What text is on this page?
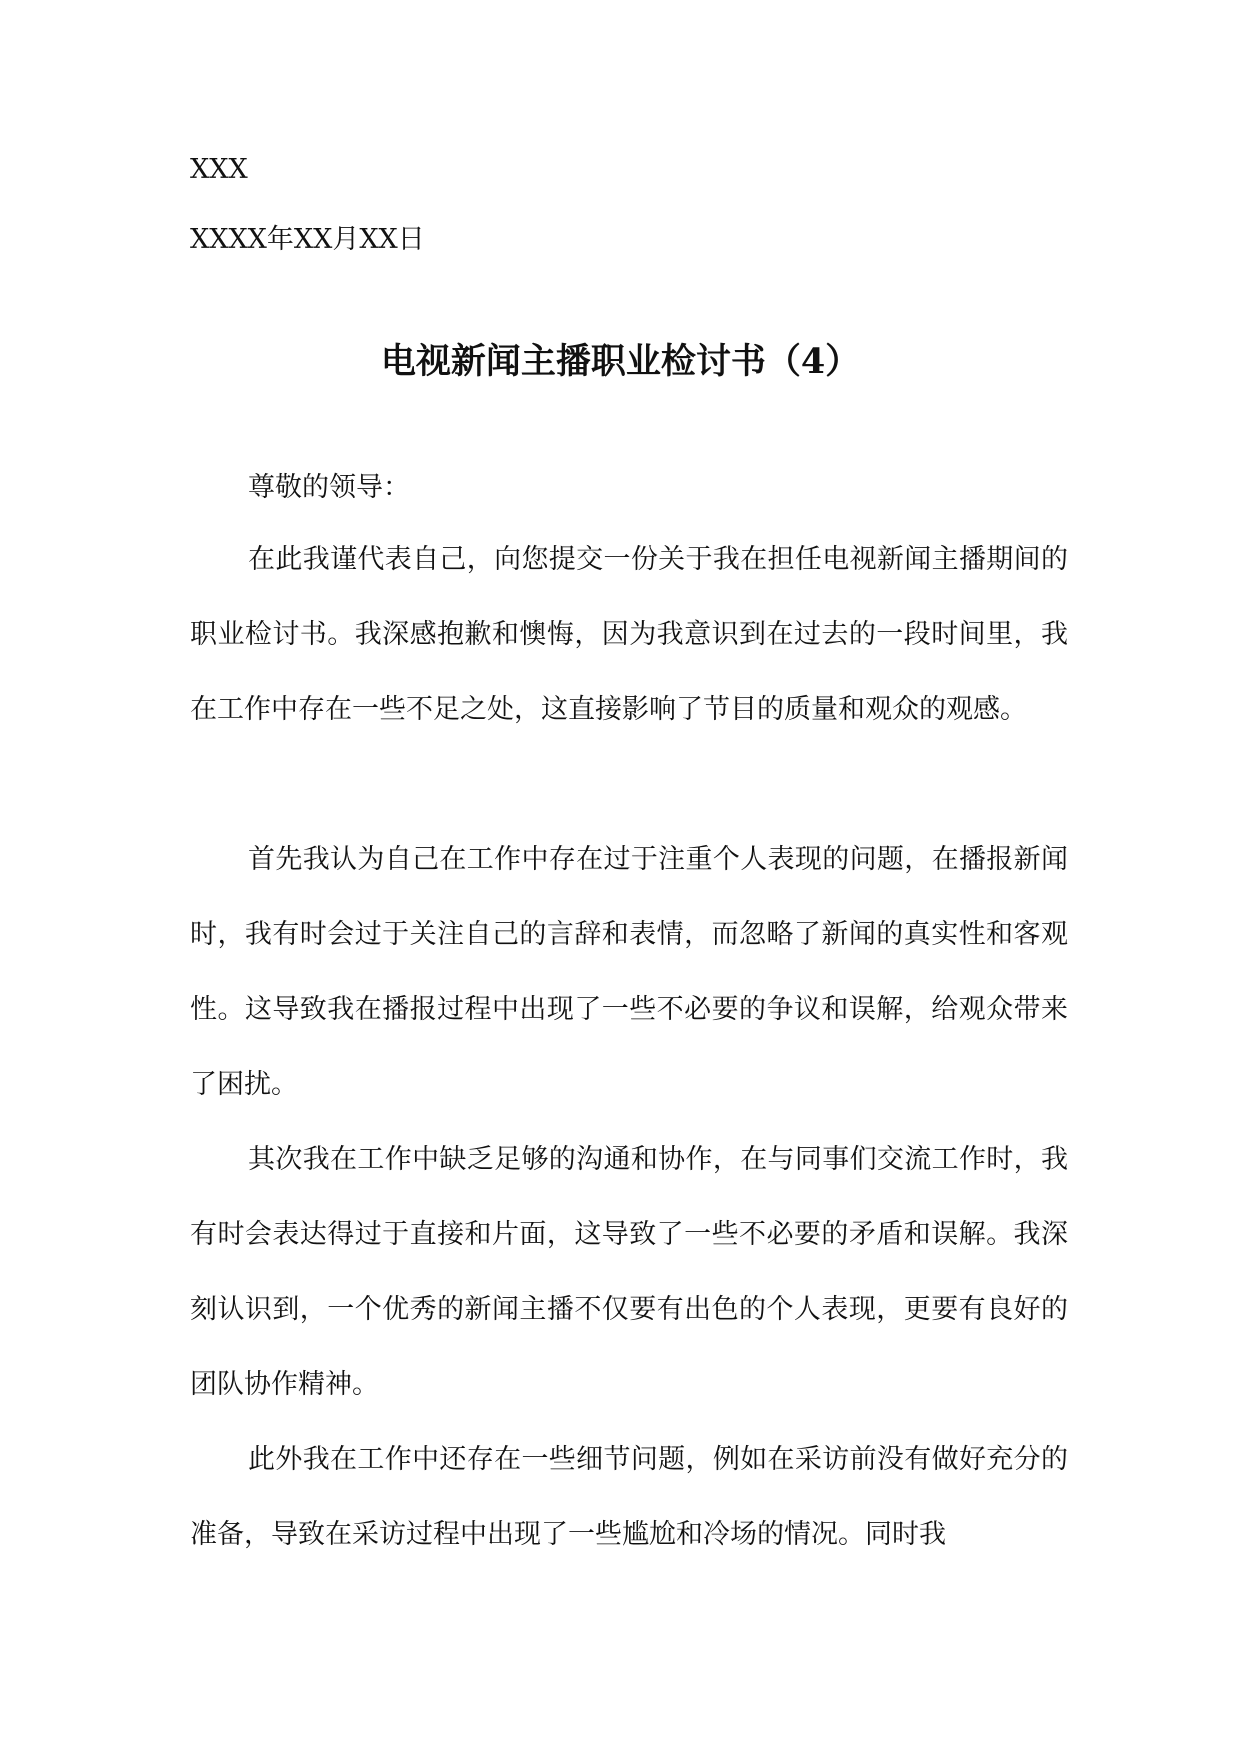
XXX
XXXX年XX月XX日
电视新闻主播职业检讨书（4）
尊敬的领导：

在此我谨代表自己，向您提交一份关于我在担任电视新闻主播期间的职业检讨书。我深感抱歉和懊悔，因为我意识到在过去的一段时间里，我在工作中存在一些不足之处，这直接影响了节目的质量和观众的观感。

首先我认为自己在工作中存在过于注重个人表现的问题，在播报新闻时，我有时会过于关注自己的言辞和表情，而忽略了新闻的真实性和客观性。这导致我在播报过程中出现了一些不必要的争议和误解，给观众带来了困扰。

其次我在工作中缺乏足够的沟通和协作，在与同事们交流工作时，我有时会表达得过于直接和片面，这导致了一些不必要的矛盾和误解。我深刻认识到，一个优秀的新闻主播不仅要有出色的个人表现，更要有良好的团队协作精神。

此外我在工作中还存在一些细节问题，例如在采访前没有做好充分的准备，导致在采访过程中出现了一些尴尬和冷场的情况。同时我
